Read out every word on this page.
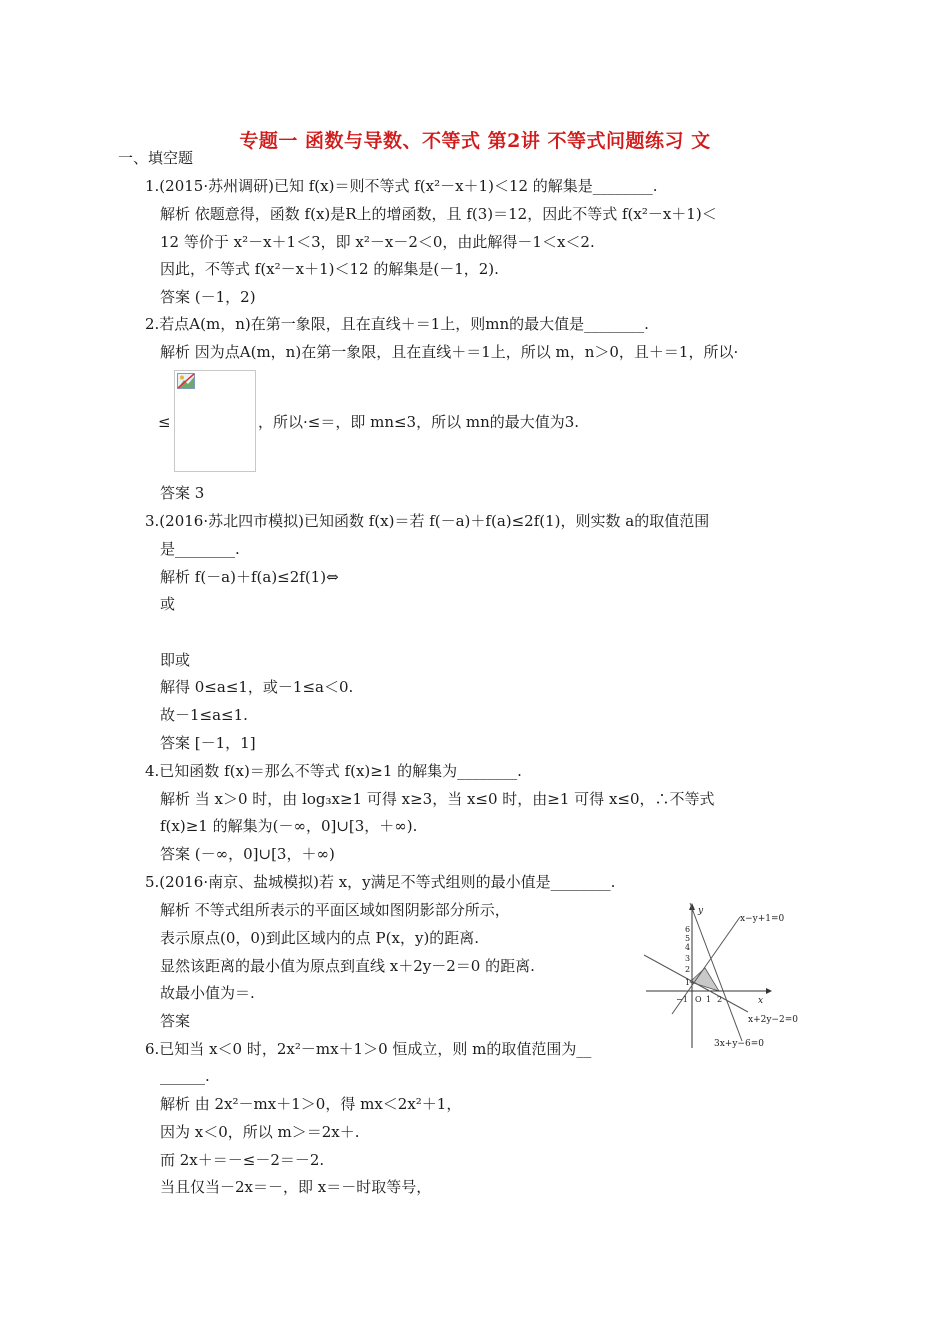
专题一 函数与导数、不等式 第2讲 不等式问题练习 文
一、填空题
1.(2015·苏州调研)已知 f(x)＝则不等式 f(x²－x＋1)＜12 的解集是________.
解析 依题意得，函数 f(x)是R上的增函数，且 f(3)＝12，因此不等式 f(x²－x＋1)＜
12 等价于 x²－x＋1＜3，即 x²－x－2＜0，由此解得－1＜x＜2.
因此，不等式 f(x²－x＋1)＜12 的解集是(－1，2).
答案 (－1，2)
2.若点A(m，n)在第一象限，且在直线＋＝1上，则mn的最大值是________.
解析 因为点A(m，n)在第一象限，且在直线＋＝1上，所以 m，n＞0，且＋＝1，所以·
≤	，所以·≤＝，即 mn≤3，所以 mn的最大值为3.
答案 3
3.(2016·苏北四市模拟)已知函数 f(x)＝若 f(－a)＋f(a)≤2f(1)，则实数 a的取值范围
是________.
解析 f(－a)＋f(a)≤2f(1)⇔
或
即或
解得 0≤a≤1，或－1≤a＜0.
故－1≤a≤1.
答案 [－1，1]
4.已知函数 f(x)＝那么不等式 f(x)≥1 的解集为________.
解析 当 x＞0 时，由 log₃x≥1 可得 x≥3，当 x≤0 时，由≥1 可得 x≤0，∴不等式
f(x)≥1 的解集为(－∞，0]∪[3，＋∞).
答案 (－∞，0]∪[3，＋∞)
5.(2016·南京、盐城模拟)若 x，y满足不等式组则的最小值是________.
解析 不等式组所表示的平面区域如图阴影部分所示，
表示原点(0，0)到此区域内的点 P(x，y)的距离.
显然该距离的最小值为原点到直线 x＋2y－2＝0 的距离.
故最小值为＝.
答案
x−y+1=0
x+2y−2=0
3x+y−6=0
x
y
6
5
4
3
2
1
−1 O 1 2
6.已知当 x＜0 时，2x²－mx＋1＞0 恒成立，则 m的取值范围为__
______.
解析 由 2x²－mx＋1＞0，得 mx＜2x²＋1，
因为 x＜0，所以 m＞＝2x＋.
而 2x＋＝－≤－2＝－2.
当且仅当－2x＝－，即 x＝－时取等号，
